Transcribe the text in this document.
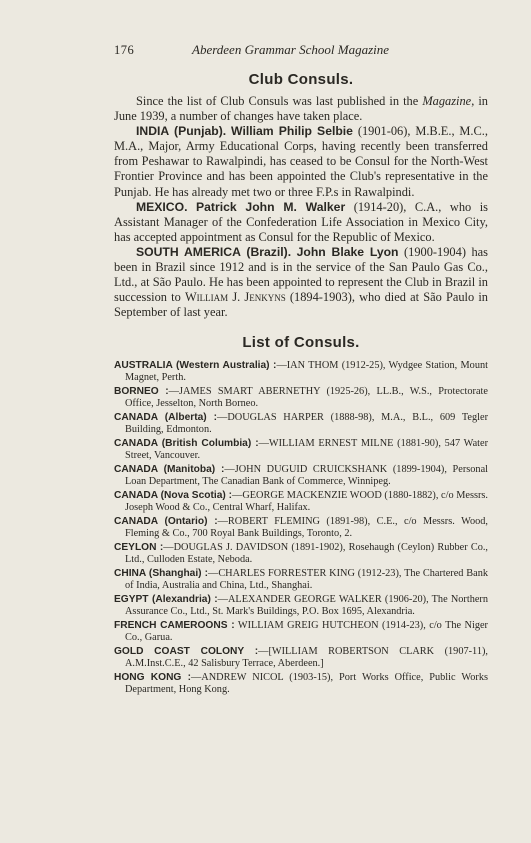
176	Aberdeen Grammar School Magazine
Club Consuls.

Since the list of Club Consuls was last published in the Magazine, in June 1939, a number of changes have taken place.

INDIA (Punjab). William Philip Selbie (1901-06), M.B.E., M.C., M.A., Major, Army Educational Corps, having recently been transferred from Peshawar to Rawalpindi, has ceased to be Consul for the North-West Frontier Province and has been appointed the Club's representative in the Punjab. He has already met two or three F.P.s in Rawalpindi.

MEXICO. Patrick John M. Walker (1914-20), C.A., who is Assistant Manager of the Confederation Life Association in Mexico City, has accepted appointment as Consul for the Republic of Mexico.

SOUTH AMERICA (Brazil). John Blake Lyon (1900-1904) has been in Brazil since 1912 and is in the service of the San Paulo Gas Co., Ltd., at São Paulo. He has been appointed to represent the Club in Brazil in succession to William J. Jenkyns (1894-1903), who died at São Paulo in September of last year.

List of Consuls.
AUSTRALIA (Western Australia) :—IAN THOM (1912-25), Wydgee Station, Mount Magnet, Perth.
BORNEO :—JAMES SMART ABERNETHY (1925-26), LL.B., W.S., Protectorate Office, Jesselton, North Borneo.
CANADA (Alberta) :—DOUGLAS HARPER (1888-98), M.A., B.L., 609 Tegler Building, Edmonton.
CANADA (British Columbia) :—WILLIAM ERNEST MILNE (1881-90), 547 Water Street, Vancouver.
CANADA (Manitoba) :—JOHN DUGUID CRUICKSHANK (1899-1904), Personal Loan Department, The Canadian Bank of Commerce, Winnipeg.
CANADA (Nova Scotia) :—GEORGE MACKENZIE WOOD (1880-1882), c/o Messrs. Joseph Wood & Co., Central Wharf, Halifax.
CANADA (Ontario) :—ROBERT FLEMING (1891-98), C.E., c/o Messrs. Wood, Fleming & Co., 700 Royal Bank Buildings, Toronto, 2.
CEYLON :—DOUGLAS J. DAVIDSON (1891-1902), Rosehaugh (Ceylon) Rubber Co., Ltd., Culloden Estate, Neboda.
CHINA (Shanghai) :—CHARLES FORRESTER KING (1912-23), The Chartered Bank of India, Australia and China, Ltd., Shanghai.
EGYPT (Alexandria) :—ALEXANDER GEORGE WALKER (1906-20), The Northern Assurance Co., Ltd., St. Mark's Buildings, P.O. Box 1695, Alexandria.
FRENCH CAMEROONS : WILLIAM GREIG HUTCHEON (1914-23), c/o The Niger Co., Garua.
GOLD COAST COLONY :—[WILLIAM ROBERTSON CLARK (1907-11), A.M.Inst.C.E., 42 Salisbury Terrace, Aberdeen.]
HONG KONG :—ANDREW NICOL (1903-15), Port Works Office, Public Works Department, Hong Kong.
